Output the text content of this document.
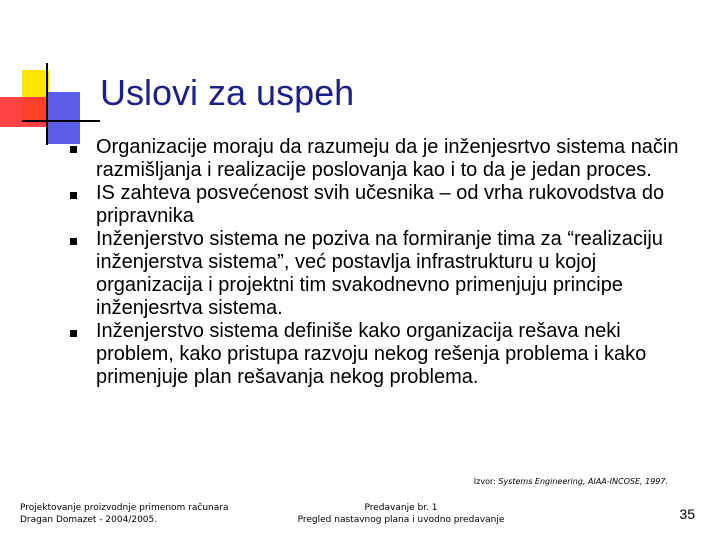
Uslovi za uspeh
Organizacije moraju da razumeju da je inženjesrtvo sistema način razmišljanja i realizacije poslovanja kao i to da je jedan proces.
IS zahteva posvećenost svih učesnika – od vrha rukovodstva do pripravnika
Inženjerstvo sistema ne poziva na formiranje tima za “realizaciju inženjerstva sistema”, već postavlja infrastrukturu u kojoj organizacija i projektni tim svakodnevno primenjuju principe inženjesrtva sistema.
Inženjerstvo sistema definiše kako organizacija rešava neki problem, kako pristupa razvoju nekog rešenja problema i kako primenjuje plan rešavanja nekog problema.
Izvor: Systems Engineering, AIAA-INCOSE, 1997.
Projektovanje proizvodnje primenom računara
Dragan Domazet - 2004/2005.
Predavanje br. 1
Pregled nastavnog plana i uvodno predavanje	35
